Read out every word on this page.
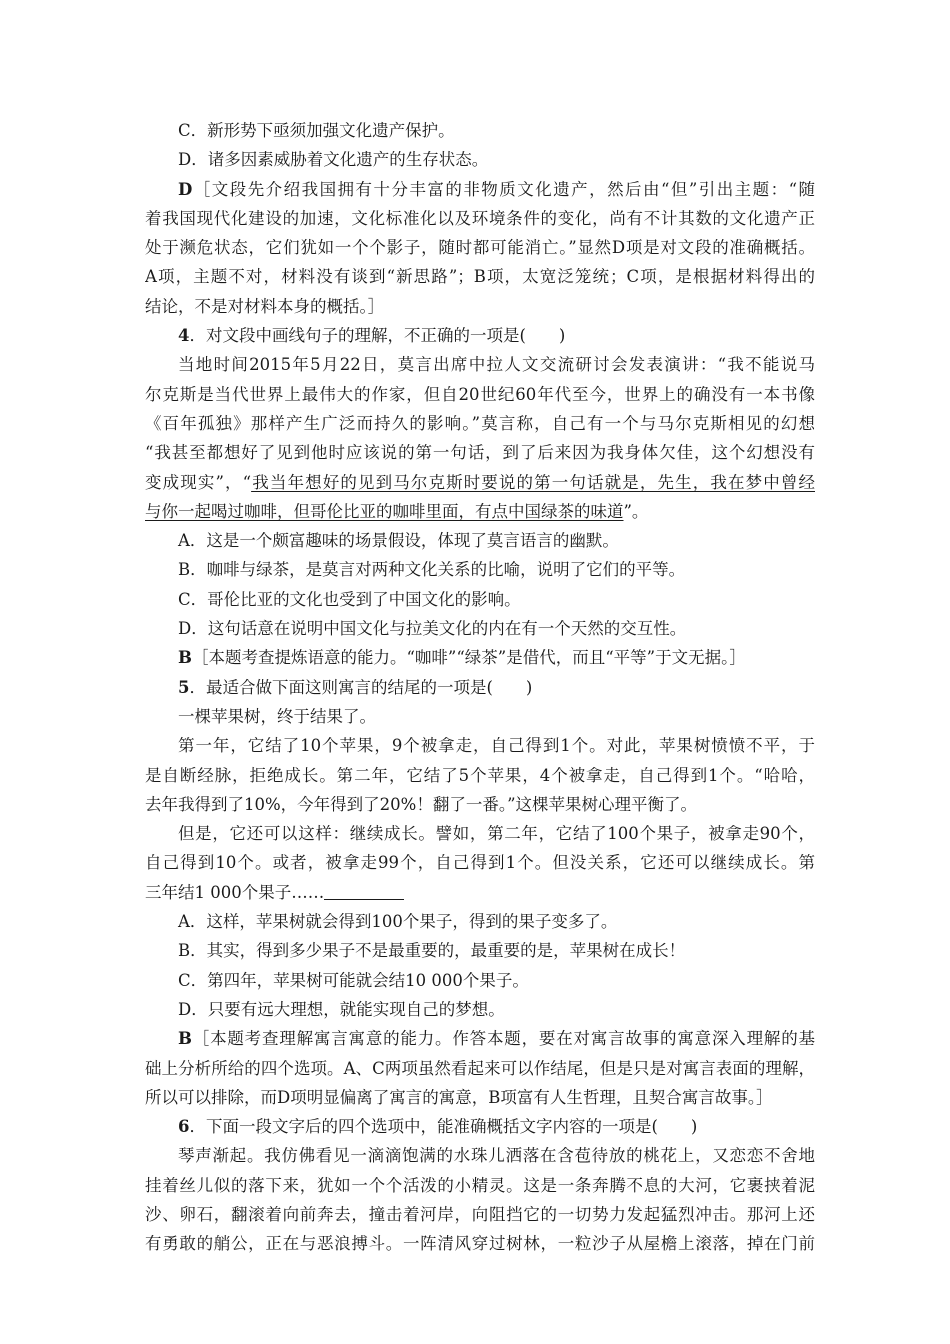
C．新形势下亟须加强文化遗产保护。
D．诸多因素威胁着文化遗产的生存状态。
D［文段先介绍我国拥有十分丰富的非物质文化遗产，然后由“但”引出主题：“随
着我国现代化建设的加速，文化标准化以及环境条件的变化，尚有不计其数的文化遗产正
处于濒危状态，它们犹如一个个影子，随时都可能消亡。”显然D项是对文段的准确概括。
A项，主题不对，材料没有谈到“新思路”；B项，太宽泛笼统；C项，是根据材料得出的
结论，不是对材料本身的概括。］
4．对文段中画线句子的理解，不正确的一项是(　　)
当地时间2015年5月22日，莫言出席中拉人文交流研讨会发表演讲：“我不能说马
尔克斯是当代世界上最伟大的作家，但自20世纪60年代至今，世界上的确没有一本书像
《百年孤独》那样产生广泛而持久的影响。”莫言称，自己有一个与马尔克斯相见的幻想
“我甚至都想好了见到他时应该说的第一句话，到了后来因为我身体欠佳，这个幻想没有
变成现实”，“我当年想好的见到马尔克斯时要说的第一句话就是，先生，我在梦中曾经
与你一起喝过咖啡，但哥伦比亚的咖啡里面，有点中国绿茶的味道”。
A．这是一个颇富趣味的场景假设，体现了莫言语言的幽默。
B．咖啡与绿茶，是莫言对两种文化关系的比喻，说明了它们的平等。
C．哥伦比亚的文化也受到了中国文化的影响。
D．这句话意在说明中国文化与拉美文化的内在有一个天然的交互性。
B［本题考查提炼语意的能力。“咖啡”“绿茶”是借代，而且“平等”于文无据。］
5．最适合做下面这则寓言的结尾的一项是(　　)
一棵苹果树，终于结果了。
第一年，它结了10个苹果，9个被拿走，自己得到1个。对此，苹果树愤愤不平，于
是自断经脉，拒绝成长。第二年，它结了5个苹果，4个被拿走，自己得到1个。“哈哈，
去年我得到了10%，今年得到了20%！翻了一番。”这棵苹果树心理平衡了。
但是，它还可以这样：继续成长。譬如，第二年，它结了100个果子，被拿走90个，
自己得到10个。或者，被拿走99个，自己得到1个。但没关系，它还可以继续成长。第
三年结1 000个果子……
A．这样，苹果树就会得到100个果子，得到的果子变多了。
B．其实，得到多少果子不是最重要的，最重要的是，苹果树在成长！
C．第四年，苹果树可能就会结10 000个果子。
D．只要有远大理想，就能实现自己的梦想。
B［本题考查理解寓言寓意的能力。作答本题，要在对寓言故事的寓意深入理解的基
础上分析所给的四个选项。A、C两项虽然看起来可以作结尾，但是只是对寓言表面的理解，
所以可以排除，而D项明显偏离了寓言的寓意，B项富有人生哲理，且契合寓言故事。］
6．下面一段文字后的四个选项中，能准确概括文字内容的一项是(　　)
琴声渐起。我仿佛看见一滴滴饱满的水珠儿洒落在含苞待放的桃花上，又恋恋不舍地
挂着丝儿似的落下来，犹如一个个活泼的小精灵。这是一条奔腾不息的大河，它裹挟着泥
沙、卵石，翻滚着向前奔去，撞击着河岸，向阻挡它的一切势力发起猛烈冲击。那河上还
有勇敢的艄公，正在与恶浪搏斗。一阵清风穿过树林，一粒沙子从屋檐上滚落，掉在门前
